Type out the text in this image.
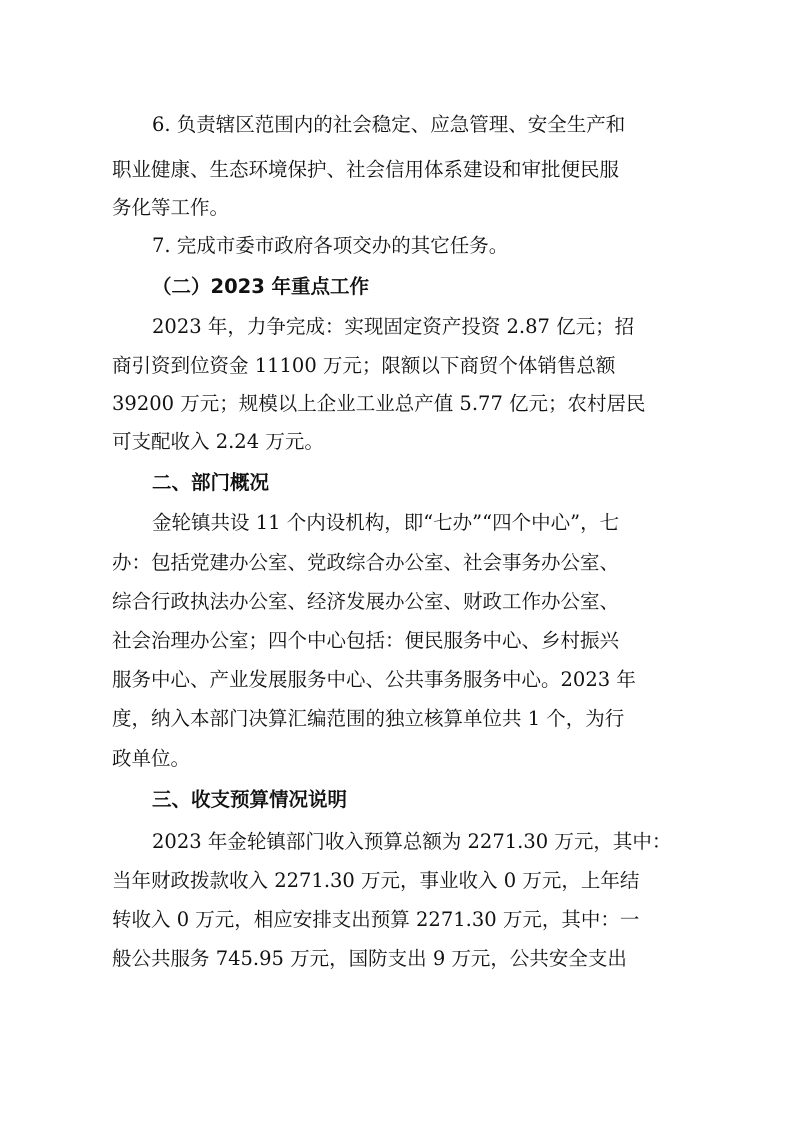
6. 负责辖区范围内的社会稳定、应急管理、安全生产和
职业健康、生态环境保护、社会信用体系建设和审批便民服
务化等工作。
7. 完成市委市政府各项交办的其它任务。
（二）2023 年重点工作
2023 年，力争完成：实现固定资产投资 2.87 亿元；招
商引资到位资金 11100 万元；限额以下商贸个体销售总额
39200 万元；规模以上企业工业总产值 5.77 亿元；农村居民
可支配收入 2.24 万元。
二、部门概况
金轮镇共设 11 个内设机构，即“七办”“四个中心”，七
办：包括党建办公室、党政综合办公室、社会事务办公室、
综合行政执法办公室、经济发展办公室、财政工作办公室、
社会治理办公室；四个中心包括：便民服务中心、乡村振兴
服务中心、产业发展服务中心、公共事务服务中心。2023 年
度，纳入本部门决算汇编范围的独立核算单位共 1 个，为行
政单位。
三、收支预算情况说明
2023 年金轮镇部门收入预算总额为 2271.30 万元，其中：
当年财政拨款收入 2271.30 万元，事业收入 0 万元，上年结
转收入 0 万元，相应安排支出预算 2271.30 万元，其中：一
般公共服务 745.95 万元，国防支出 9 万元，公共安全支出
